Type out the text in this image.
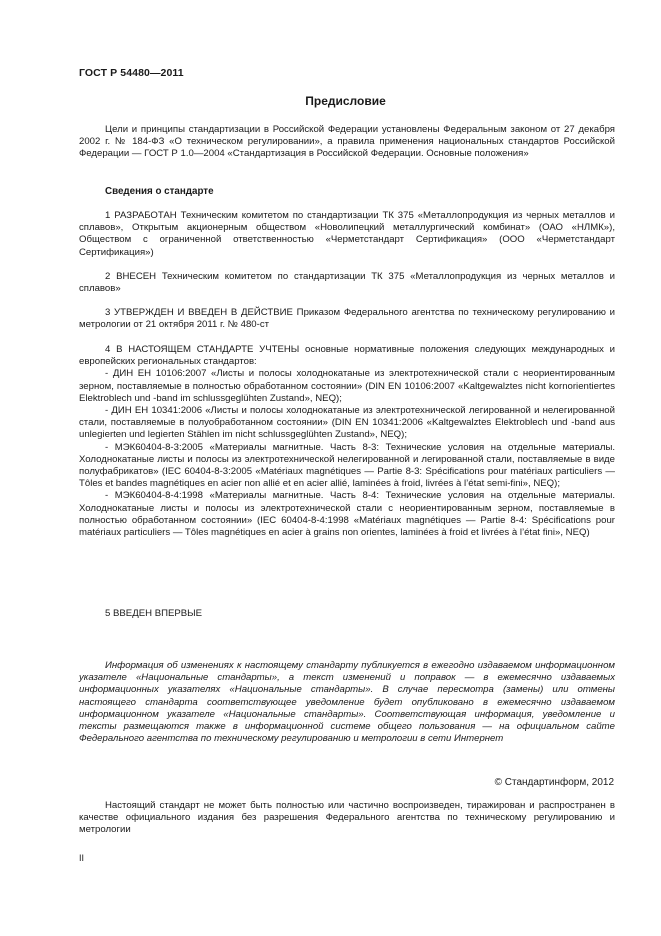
ГОСТ Р 54480—2011
Предисловие

Цели и принципы стандартизации в Российской Федерации установлены Федеральным законом от 27 декабря 2002 г. № 184-ФЗ «О техническом регулировании», а правила применения национальных стандартов Российской Федерации — ГОСТ Р 1.0—2004 «Стандартизация в Российской Федерации. Основные положения»

Сведения о стандарте

1 РАЗРАБОТАН Техническим комитетом по стандартизации ТК 375 «Металлопродукция из черных металлов и сплавов», Открытым акционерным обществом «Новолипецкий металлургический комбинат» (ОАО «НЛМК»), Обществом с ограниченной ответственностью «Черметстандарт Сертификация» (ООО «Черметстандарт Сертификация»)

2 ВНЕСЕН Техническим комитетом по стандартизации ТК 375 «Металлопродукция из черных металлов и сплавов»

3 УТВЕРЖДЕН И ВВЕДЕН В ДЕЙСТВИЕ Приказом Федерального агентства по техническому регулированию и метрологии от 21 октября 2011 г. № 480-ст

4 В НАСТОЯЩЕМ СТАНДАРТЕ УЧТЕНЫ основные нормативные положения следующих международных и европейских региональных стандартов:

- ДИН ЕН 10106:2007 «Листы и полосы холоднокатаные из электротехнической стали с неориентированным зерном, поставляемые в полностью обработанном состоянии» (DIN EN 10106:2007 «Kaltgewalztes nicht kornorientiertes Elektroblech und -band im schlussgeglühten Zustand», NEQ);

- ДИН ЕН 10341:2006 «Листы и полосы холоднокатаные из электротехнической легированной и нелегированной стали, поставляемые в полуобработанном состоянии» (DIN EN 10341:2006 «Kaltgewalztes Elektroblech und -band aus unlegierten und legierten Stählen im nicht schlussgeglühten Zustand», NEQ);

- МЭК60404-8-3:2005 «Материалы магнитные. Часть 8-3: Технические условия на отдельные материалы. Холоднокатаные листы и полосы из электротехнической нелегированной и легированной стали, поставляемые в виде полуфабрикатов» (IEC 60404-8-3:2005 «Matériaux magnétiques — Partie 8-3: Spécifications pour matériaux particuliers — Tôles et bandes magnétiques en acier non allié et en acier allié, laminées à froid, livrées à l’état semi-fini», NEQ);

- МЭК60404-8-4:1998 «Материалы магнитные. Часть 8-4: Технические условия на отдельные материалы. Холоднокатаные листы и полосы из электротехнической стали с неориентированным зерном, поставляемые в полностью обработанном состоянии» (IEC 60404-8-4:1998 «Matériaux magnétiques — Partie 8-4: Spécifications pour matériaux particuliers — Tôles magnétiques en acier à grains non orientes, laminées à froid et livrées à l’état fini», NEQ)

5 ВВЕДЕН ВПЕРВЫЕ

Информация об изменениях к настоящему стандарту публикуется в ежегодно издаваемом информационном указателе «Национальные стандарты», а текст изменений и поправок — в ежемесячно издаваемых информационных указателях «Национальные стандарты». В случае пересмотра (замены) или отмены настоящего стандарта соответствующее уведомление будет опубликовано в ежемесячно издаваемом информационном указателе «Национальные стандарты». Соответствующая информация, уведомление и тексты размещаются также в информационной системе общего пользования — на официальном сайте Федерального агентства по техническому регулированию и метрологии в сети Интернет

© Стандартинформ, 2012

Настоящий стандарт не может быть полностью или частично воспроизведен, тиражирован и распространен в качестве официального издания без разрешения Федерального агентства по техническому регулированию и метрологии

II
